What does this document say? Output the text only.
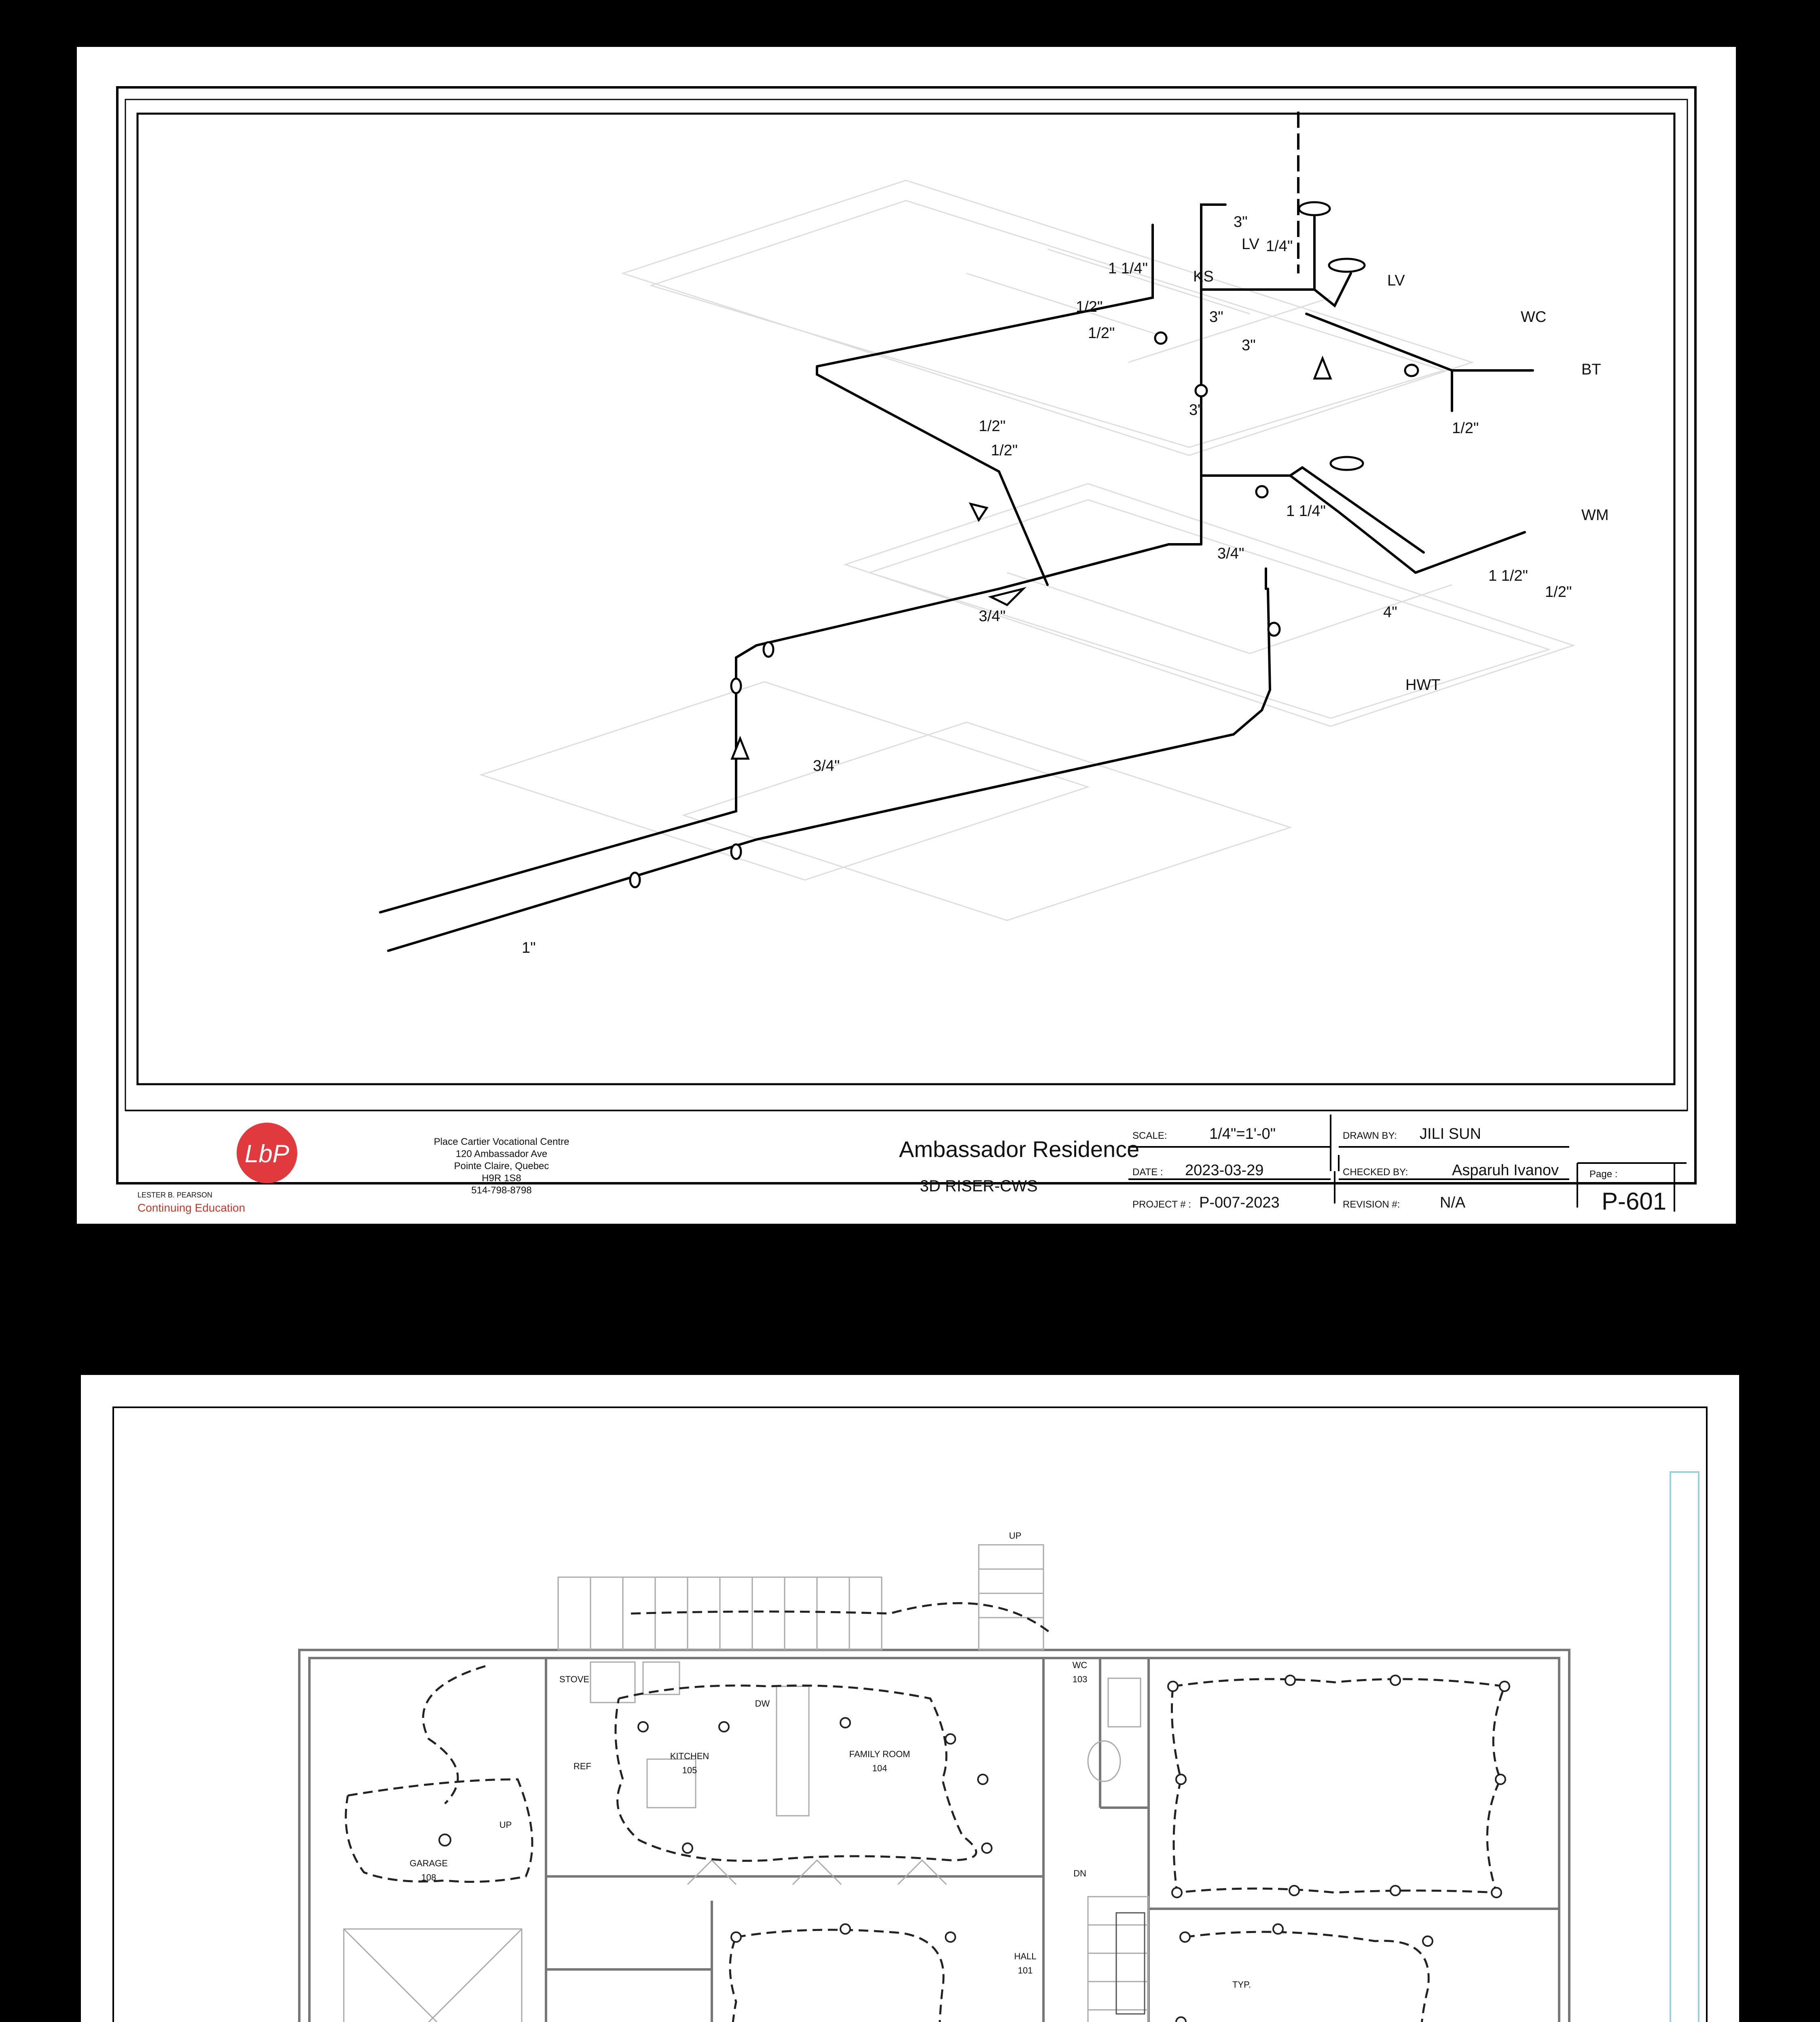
1 1/4"
3"
1/4"
LV
WC
3"
1/2"
3"
3"
1/2"
1/2"
1/2"
1/2"
1 1/4"
3/4"
3/4"	4"
3/4"
1"
1/2"
1 1/2"
WM
HWT
KS
BT
LV
LbP
LESTER B. PEARSON
Continuing Education
Place Cartier Vocational Centre
120 Ambassador Ave
Pointe Claire, Quebec
H9R 1S8
514-798-8798
Ambassador Residence
3D RISER-CWS
SCALE:	1/4"=1'-0"
DATE : 2023-03-29
PROJECT # : P-007-2023
DRAWN BY: JILI SUN
CHECKED BY:	Asparuh Ivanov
REVISION #:	N/A
Page :
P-601
GARAGE
108
KITCHEN
105
FAMILY ROOM
104
WC
103
HALL
101
STOVE
DW
REF
TYP.
UP
UP
DN
